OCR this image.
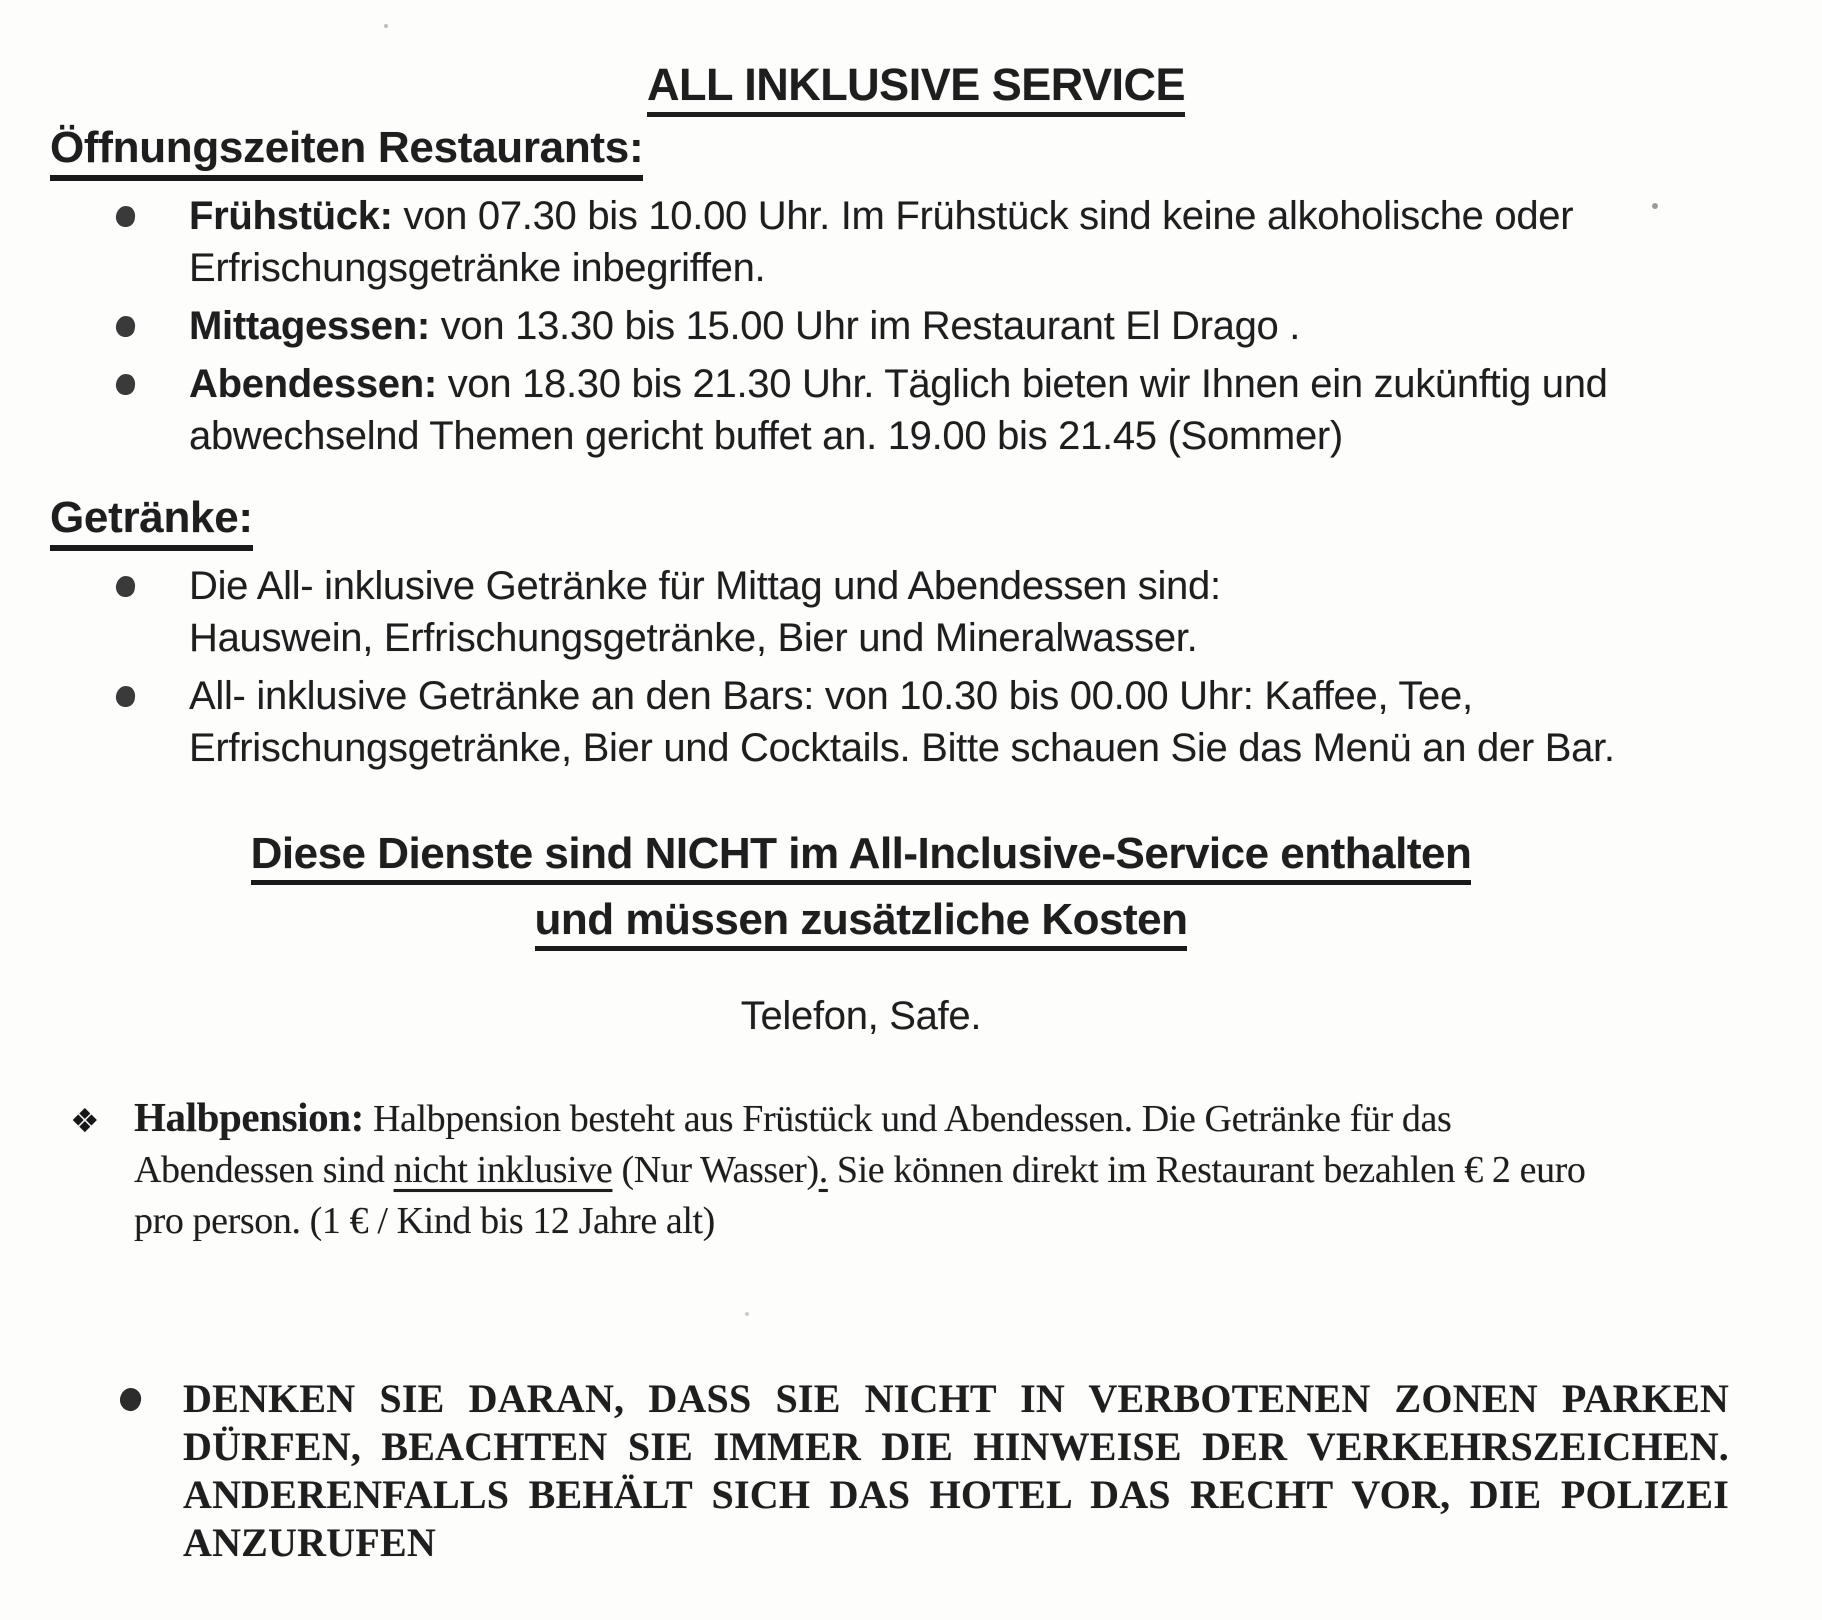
ALL INKLUSIVE SERVICE
Öffnungszeiten Restaurants:
Frühstück: von 07.30 bis 10.00 Uhr. Im Frühstück sind keine alkoholische oder
Erfrischungsgetränke inbegriffen.
Mittagessen: von 13.30 bis 15.00 Uhr im Restaurant El Drago .
Abendessen: von 18.30 bis 21.30 Uhr. Täglich bieten wir Ihnen ein zukünftig und
abwechselnd Themen gericht buffet an. 19.00 bis 21.45 (Sommer)
Getränke:
Die All- inklusive Getränke für Mittag und Abendessen sind:
Hauswein, Erfrischungsgetränke, Bier und Mineralwasser.
All- inklusive Getränke an den Bars: von 10.30 bis 00.00 Uhr: Kaffee, Tee,
Erfrischungsgetränke, Bier und Cocktails. Bitte schauen Sie das Menü an der Bar.
Diese Dienste sind NICHT im All-Inclusive-Service enthalten
und müssen zusätzliche Kosten
Telefon, Safe.
❖ Halbpension: Halbpension besteht aus Früstück und Abendessen. Die Getränke für das
Abendessen sind nicht inklusive (Nur Wasser). Sie können direkt im Restaurant bezahlen € 2 euro
pro person. (1 € / Kind bis 12 Jahre alt)
DENKEN SIE DARAN, DASS SIE NICHT IN VERBOTENEN ZONEN PARKEN
DÜRFEN, BEACHTEN SIE IMMER DIE HINWEISE DER VERKEHRSZEICHEN.
ANDERENFALLS BEHÄLT SICH DAS HOTEL DAS RECHT VOR, DIE POLIZEI
ANZURUFEN
